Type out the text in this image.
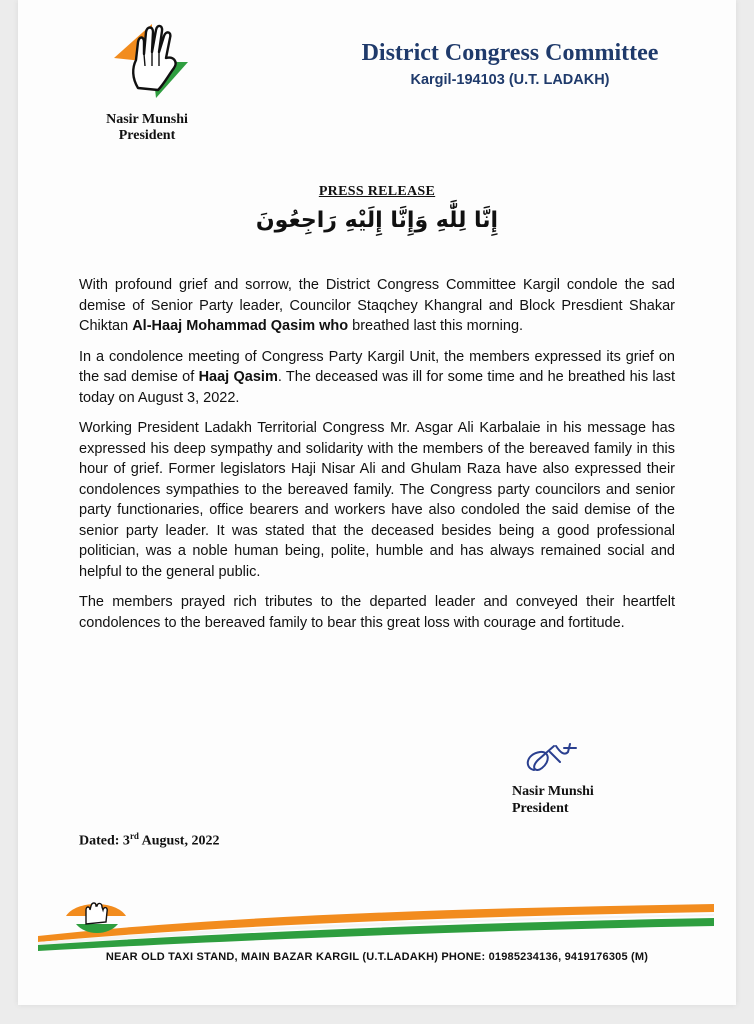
Nasir Munshi
President
District Congress Committee
Kargil-194103 (U.T. LADAKH)
PRESS RELEASE
إِنَّا لِلَّٰهِ وَإِنَّا إِلَيْهِ رَاجِعُونَ

With profound grief and sorrow, the District Congress Committee Kargil condole the sad demise of Senior Party leader, Councilor Staqchey Khangral and Block Presdient Shakar Chiktan Al-Haaj Mohammad Qasim who breathed last this morning.

In a condolence meeting of Congress Party Kargil Unit, the members expressed its grief on the sad demise of Haaj Qasim. The deceased was ill for some time and he breathed his last today on August 3, 2022.

Working President Ladakh Territorial Congress Mr. Asgar Ali Karbalaie in his message has expressed his deep sympathy and solidarity with the members of the bereaved family in this hour of grief. Former legislators Haji Nisar Ali and Ghulam Raza have also expressed their condolences sympathies to the bereaved family. The Congress party councilors and senior party functionaries, office bearers and workers have also condoled the said demise of the senior party leader. It was stated that the deceased besides being a good professional politician, was a noble human being, polite, humble and has always remained social and helpful to the general public.

The members prayed rich tributes to the departed leader and conveyed their heartfelt condolences to the bereaved family to bear this great loss with courage and fortitude.

Nasir Munshi
President
Dated: 3rd August, 2022
NEAR OLD TAXI STAND, MAIN BAZAR KARGIL (U.T.LADAKH) PHONE: 01985234136, 9419176305 (M)
